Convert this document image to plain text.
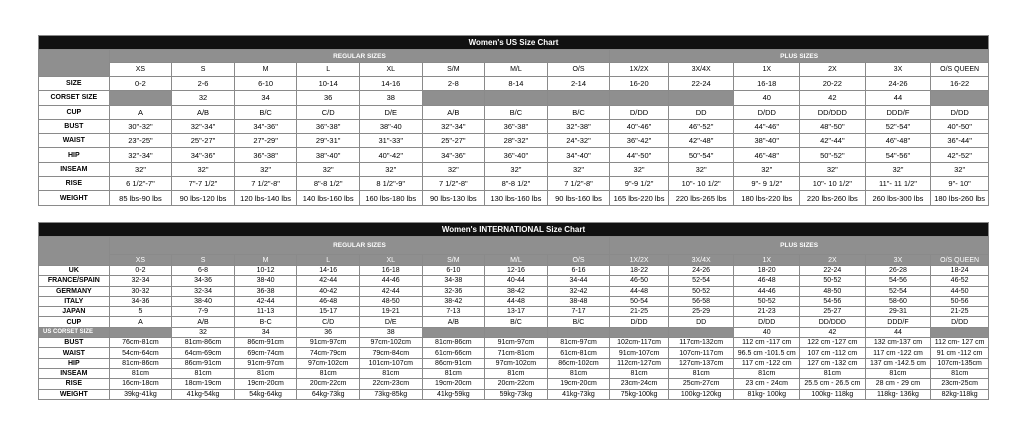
Women's US Size Chart														
	REGULAR SIZES								PLUS SIZES					
	XS	S	M	L	XL	S/M	M/L	O/S	1X/2X	3X/4X	1X	2X	3X	O/S QUEEN
SIZE	0-2	2-6	6-10	10-14	14-16	2-8	8-14	2-14	16-20	22-24	16-18	20-22	24-26	16-22
CORSET SIZE		32	34	36	38						40	42	44	
CUP	A	A/B	B/C	C/D	D/E	A/B	B/C	B/C	D/DD	DD	D/DD	DD/DDD	DDD/F	D/DD
BUST	30"-32"	32"-34"	34"-36"	36"-38"	38"-40	32"-34"	36"-38"	32"-38"	40"-46"	46"-52"	44"-46"	48"-50"	52"-54"	40"-50"
WAIST	23"-25"	25"-27"	27"-29"	29"-31"	31"-33"	25"-27"	28"-32"	24"-32"	36"-42"	42"-48"	38"-40"	42"-44"	46"-48"	36"-44"
HIP	32"-34"	34"-36"	36"-38"	38"-40"	40"-42"	34"-36"	36"-40"	34"-40"	44"-50"	50"-54"	46"-48"	50"-52"	54"-56"	42"-52"
INSEAM	32"	32"	32"	32"	32"	32"	32"	32"	32"	32"	32"	32"	32"	32"
RISE	6 1/2"-7"	7"-7 1/2"	7 1/2"-8"	8"-8 1/2"	8 1/2"-9"	7 1/2"-8"	8"-8 1/2"	7 1/2"-8"	9"-9 1/2"	10"- 10 1/2"	9"- 9 1/2"	10"- 10 1/2"	11"- 11 1/2"	9"- 10"
WEIGHT	85 lbs-90 lbs	90 lbs-120 lbs	120 lbs-140 lbs	140 lbs-160 lbs	160 lbs-180 lbs	90 lbs-130 lbs	130 lbs-160 lbs	90 lbs-160 lbs	165 lbs-220 lbs	220 lbs-265 lbs	180 lbs-220 lbs	220 lbs-260 lbs	260 lbs-300 lbs	180 lbs-260 lbs
Women's INTERNATIONAL Size Chart														
	REGULAR SIZES								PLUS SIZES					
	XS	S	M	L	XL	S/M	M/L	O/S	1X/2X	3X/4X	1X	2X	3X	O/S QUEEN
UK	0-2	6-8	10-12	14-16	16-18	6-10	12-16	6-16	18-22	24-26	18-20	22-24	26-28	18-24
FRANCE/SPAIN	32-34	34-36	38-40	42-44	44-46	34-38	40-44	34-44	46-50	52-54	46-48	50-52	54-56	46-52
GERMANY	30-32	32-34	36-38	40-42	42-44	32-36	38-42	32-42	44-48	50-52	44-46	48-50	52-54	44-50
ITALY	34-36	38-40	42-44	46-48	48-50	38-42	44-48	38-48	50-54	56-58	50-52	54-56	58-60	50-56
JAPAN	5	7-9	11-13	15-17	19-21	7-13	13-17	7-17	21-25	25-29	21-23	25-27	29-31	21-25
CUP	A	A/B	B-C	C/D	D/E	A/B	B/C	B/C	D/DD	DD	D/DD	DD/DDD	DDD/F	D/DD
US CORSET SIZE		32	34	36	38						40	42	44	
BUST	76cm-81cm	81cm-86cm	86cm-91cm	91cm-97cm	97cm-102cm	81cm-86cm	91cm-97cm	81cm-97cm	102cm-117cm	117cm-132cm	112 cm -117 cm	122 cm -127 cm	132 cm-137 cm	112 cm- 127 cm
WAIST	54cm-64cm	64cm-69cm	69cm-74cm	74cm-79cm	79cm-84cm	61cm-66cm	71cm-81cm	61cm-81cm	91cm-107cm	107cm-117cm	96.5 cm -101.5 cm	107 cm -112 cm	117 cm -122 cm	91 cm -112 cm
HIP	81cm-86cm	86cm-91cm	91cm-97cm	97cm-102cm	101cm-107cm	86cm-91cm	97cm-102cm	86cm-102cm	112cm-127cm	127cm-137cm	117 cm -122 cm	127 cm -132 cm	137 cm -142.5 cm	107cm-135cm
INSEAM	81cm	81cm	81cm	81cm	81cm	81cm	81cm	81cm	81cm	81cm	81cm	81cm	81cm	81cm
RISE	16cm-18cm	18cm-19cm	19cm-20cm	20cm-22cm	22cm-23cm	19cm-20cm	20cm-22cm	19cm-20cm	23cm-24cm	25cm-27cm	23 cm - 24cm	25.5 cm - 26.5 cm	28 cm - 29 cm	23cm-25cm
WEIGHT	39kg-41kg	41kg-54kg	54kg-64kg	64kg-73kg	73kg-85kg	41kg-59kg	59kg-73kg	41kg-73kg	75kg-100kg	100kg-120kg	81kg- 100kg	100kg- 118kg	118kg- 136kg	82kg-118kg
